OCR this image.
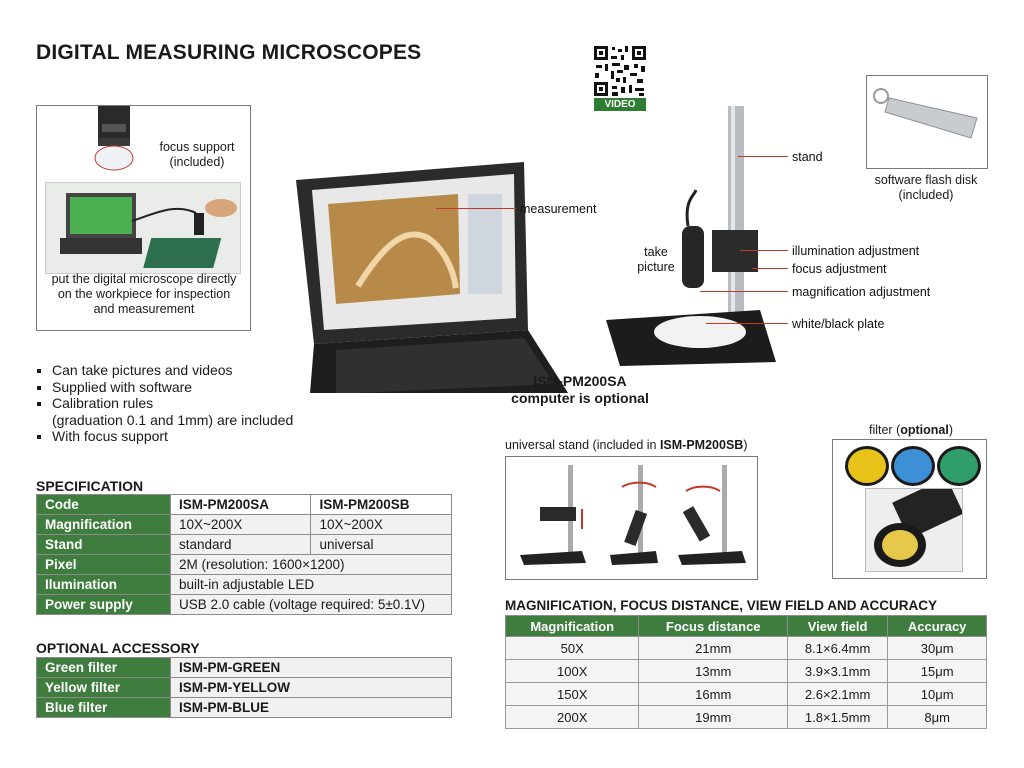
DIGITAL MEASURING MICROSCOPES
VIDEO
focus support
(included)
put the digital microscope directly on the workpiece for inspection and measurement
measurement
stand
take picture
illumination adjustment
focus adjustment
magnification adjustment
white/black plate
software flash disk
(included)
ISM-PM200SA
computer is optional
▪ Can take pictures and videos
▪ Supplied with software
▪ Calibration rules
(graduation 0.1 and 1mm) are included
▪ With focus support
universal stand (included in ISM-PM200SB)
filter (optional)
SPECIFICATION
Code	ISM-PM200SA	ISM-PM200SB
Magnification	10X~200X	10X~200X
Stand	standard	universal
Pixel	2M (resolution: 1600×1200)	
Ilumination	built-in adjustable LED	
Power supply	USB 2.0 cable (voltage required: 5±0.1V)	
OPTIONAL ACCESSORY
Green filter	ISM-PM-GREEN
Yellow filter	ISM-PM-YELLOW
Blue filter	ISM-PM-BLUE
MAGNIFICATION, FOCUS DISTANCE, VIEW FIELD AND ACCURACY
Magnification	Focus distance	View field	Accuracy
50X	21mm	8.1×6.4mm	30μm
100X	13mm	3.9×3.1mm	15μm
150X	16mm	2.6×2.1mm	10μm
200X	19mm	1.8×1.5mm	8μm
